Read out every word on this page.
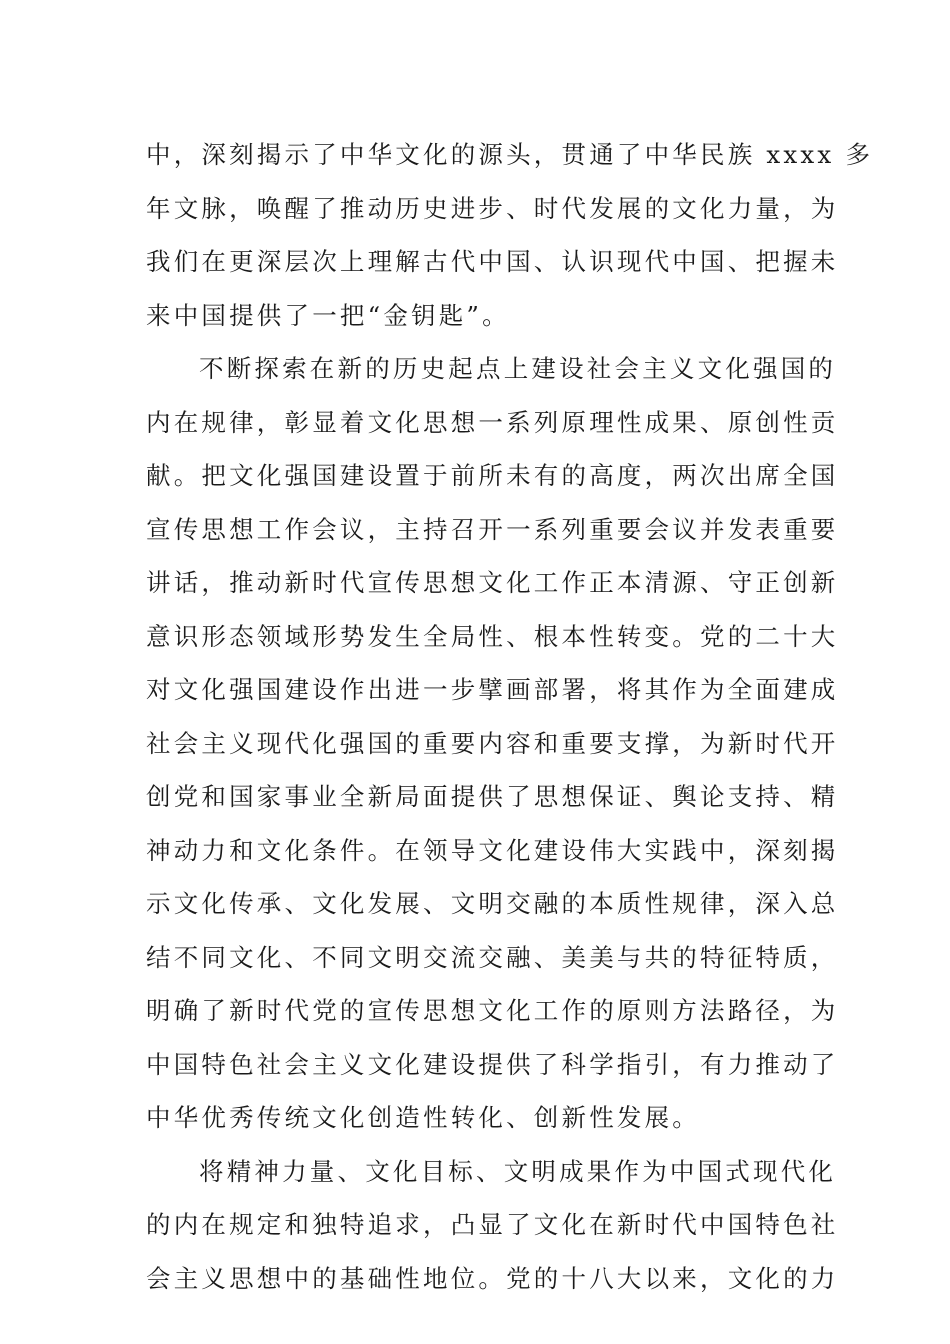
中，深刻揭示了中华文化的源头，贯通了中华民族 xxxx 多
年文脉，唤醒了推动历史进步、时代发展的文化力量，为
我们在更深层次上理解古代中国、认识现代中国、把握未
来中国提供了一把“金钥匙”。

不断探索在新的历史起点上建设社会主义文化强国的
内在规律，彰显着文化思想一系列原理性成果、原创性贡
献。把文化强国建设置于前所未有的高度，两次出席全国
宣传思想工作会议，主持召开一系列重要会议并发表重要
讲话，推动新时代宣传思想文化工作正本清源、守正创新
意识形态领域形势发生全局性、根本性转变。党的二十大
对文化强国建设作出进一步擘画部署，将其作为全面建成
社会主义现代化强国的重要内容和重要支撑，为新时代开
创党和国家事业全新局面提供了思想保证、舆论支持、精
神动力和文化条件。在领导文化建设伟大实践中，深刻揭
示文化传承、文化发展、文明交融的本质性规律，深入总
结不同文化、不同文明交流交融、美美与共的特征特质，
明确了新时代党的宣传思想文化工作的原则方法路径，为
中国特色社会主义文化建设提供了科学指引，有力推动了
中华优秀传统文化创造性转化、创新性发展。

将精神力量、文化目标、文明成果作为中国式现代化
的内在规定和独特追求，凸显了文化在新时代中国特色社
会主义思想中的基础性地位。党的十八大以来，文化的力
